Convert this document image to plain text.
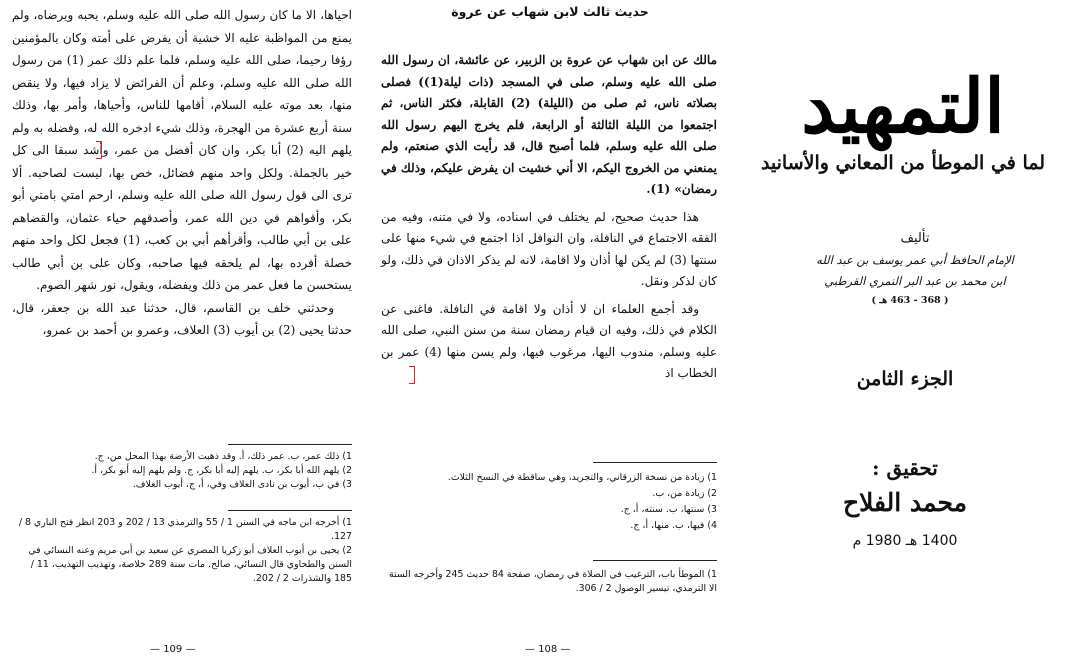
احياها، الا ما كان رسول الله صلى الله عليه وسلم، يحبه ويرضاه، ولم يمنع من المواظبة عليه الا خشية أن يفرض على أمته وكان بالمؤمنين رؤفا رحيما، صلى الله عليه وسلم، فلما علم ذلك عمر (1) من رسول الله صلى الله عليه وسلم، وعلم أن الفرائض لا يزاد فيها، ولا ينقص منها، بعد موته عليه السلام، أقامها للناس، وأحياها، وأمر بها، وذلك سنة أربع عشرة من الهجرة، وذلك شيء ادخره الله له، وفضله به ولم يلهم اليه (2) أبا بكر، وان كان أفضل من عمر، وأشد سبقا الى كل خير بالجملة. ولكل واحد منهم فضائل، خص بها، ليست لصاحبه. ألا ترى الى قول رسول الله صلى الله عليه وسلم، ارحم امتي بامتي أبو بكر، وأقواهم في دين الله عمر، وأصدقهم حياء عثمان، والقضاهم على بن أبي طالب، وأقرأهم أبي بن كعب، (1) فجعل لكل واحد منهم خصلة أفرده بها، لم يلحقه فيها صاحبه، وكان على بن أبي طالب يستحسن ما فعل عمر من ذلك ويفضله، ويقول، نور شهر الصوم.

وحدثني خلف بن القاسم، قال، حدثنا عبد الله بن جعفر، قال، حدثنا يحيى (2) بن أيوب (3) العلاف، وعمرو بن أحمد بن عمرو،

1) ذلك عمر، ب. عمر ذلك، أ. وقد ذهبت الأرضة بهذا المحل من، ج.

2) يلهم الله أبا بكر، ب. يلهم إليه أبا بكر، ج. ولم يلهم إليه أبو بكر، أ.

3) في ب، أيوب بن نادى العلاف وفي، أ، ج، أيوب العلاف.

1) أخرجه ابن ماجه في السنن 1 / 55 والترمذي 13 / 202 و 203 انظر فتح الباري 8 / 127.

2) يحيى بن أيوب العلاف أبو زكريا المصري عن سعيد بن أبي مريم وعنه النسائي في السنن والطحاوي قال النسائي، صالح. مات سنة 289 خلاصة، وتهذيب التهذيب، 11 / 185 والشذرات 2 / 202.

— 109 —
حديث ثالث لابن شهاب عن عروة

مالك عن ابن شهاب عن عروة بن الزبير، عن عائشة، ان رسول الله صلى الله عليه وسلم، صلى في المسجد (ذات ليلة(1)) فصلى بصلاته ناس، ثم صلى من (الليلة) (2) القابلة، فكثر الناس، ثم اجتمعوا من الليلة الثالثة أو الرابعة، فلم يخرج اليهم رسول الله صلى الله عليه وسلم، فلما أصبح قال، قد رأيت الذي صنعتم، ولم يمنعني من الخروج اليكم، الا أني خشيت ان يفرض عليكم، وذلك في رمضان» (1).

هذا حديث صحيح، لم يختلف في اسناده، ولا في متنه، وفيه من الفقه الاجتماع في النافلة، وان النوافل اذا اجتمع في شيء منها على سنتها (3) لم يكن لها أذان ولا اقامة، لانه لم يذكر الاذان في ذلك، ولو كان لذكر ونقل.

وقد أجمع العلماء ان لا أذان ولا اقامة في النافلة. فاغنى عن الكلام في ذلك، وفيه ان قيام رمضان سنة من سنن النبي، صلى الله عليه وسلم، مندوب اليها، مرغوب فيها، ولم يسن منها (4) عمر بن الخطاب اذ

1) زيادة من نسخة الزرقاني، والتجريد، وهي ساقطة في النسخ الثلاث.

2) زيادة من، ب.

3) سنتها، ب. سنته، أ، ج.

4) فيها، ب. منها، أ، ج.

1) الموطأ باب، الترغيب في الصلاة في رمضان، صفحة 84 حديث 245 وأخرجه الستة الا الترمذي، تيسير الوصول 2 / 306.

— 108 —
التمهيد
لما في الموطأ من المعاني والأسانيد
تأليف
الإمام الحافظ أبي عمر يوسف بن عبد الله
ابن محمد بن عبد البر النمري القرطبي
( 368 - 463 هـ )
الجزء الثامن
تحقيق :
محمد الفلاح
1400 هـ 1980 م
